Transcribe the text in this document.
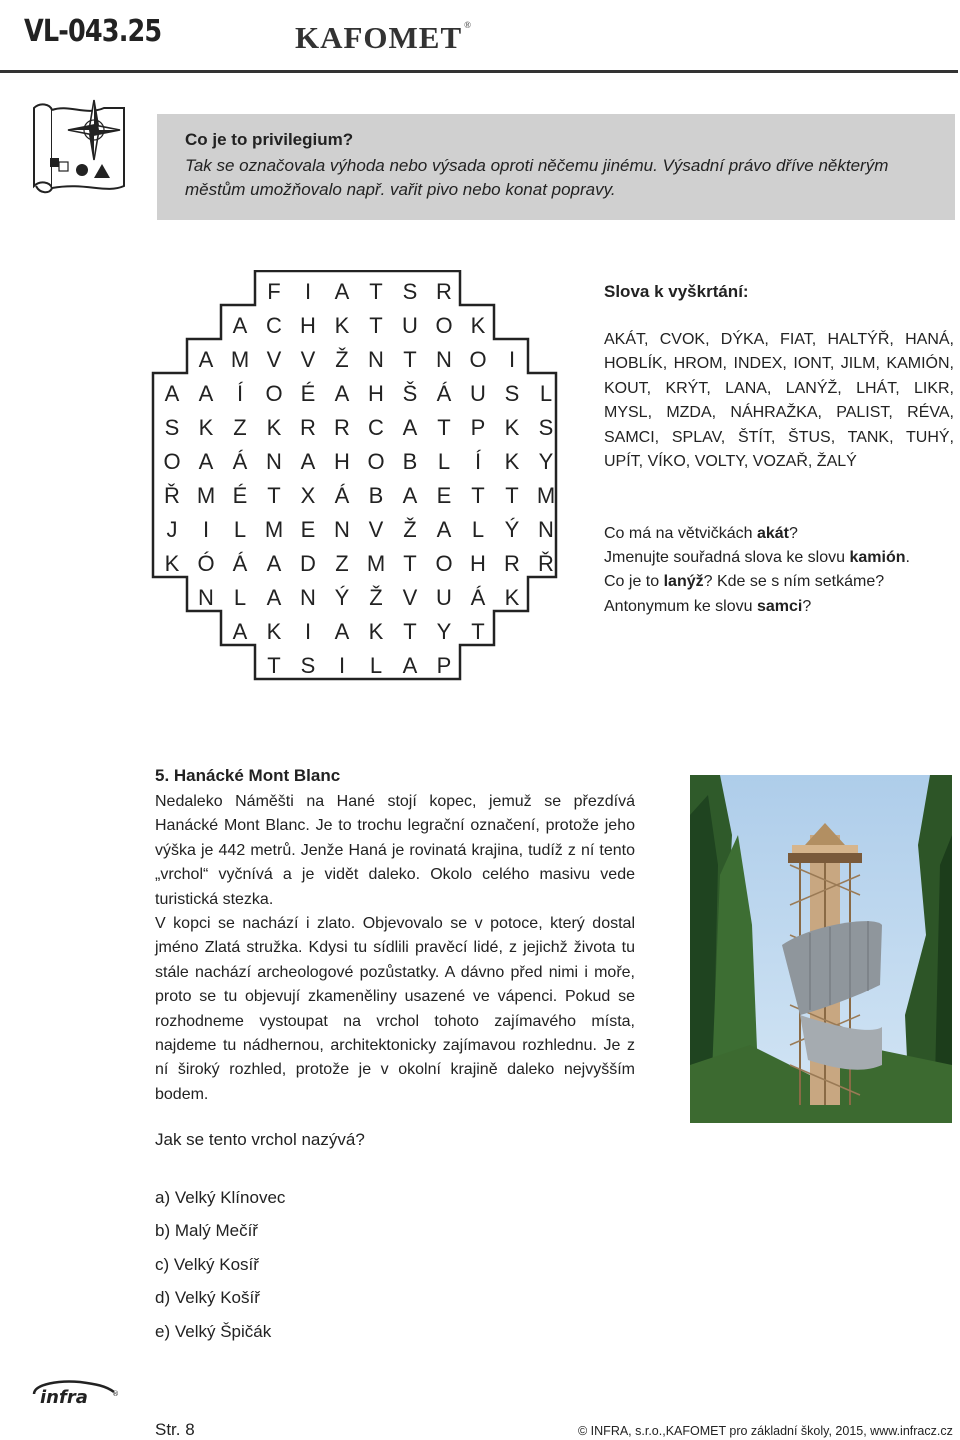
VL-043.25	KAFOMET ®
Co je to privilegium?
Tak se označovala výhoda nebo výsada oproti něčemu jinému. Výsadní právo dříve některým městům umožňovalo např. vařit pivo nebo konat popravy.
F I A T S R
A C H K T U O K
A M V V Ž N T N O I
A A Í O É A H Š Á U S L
S K Z K R R C A T P K S
O A Á N A H O B L Í K Y
Ř M É T X Á B A E T T M
J I L M E N V Ž A L Ý N
K Ó Á A D Z M T O H R Ř
N L A N Ý Ž V U Á K
A K I A K T Y T
T S I L A P
Slova k vyškrtání:
AKÁT, CVOK, DÝKA, FIAT, HALTÝŘ, HANÁ, HOBLÍK, HROM, INDEX, IONT, JILM, KAMIÓN, KOUT, KRÝT, LANA, LANÝŽ, LHÁT, LIKR, MYSL, MZDA, NÁHRAŽKA, PALIST, RÉVA, SAMCI, SPLAV, ŠTÍT, ŠTUS, TANK, TUHÝ, UPÍT, VÍKO, VOLTY, VOZAŘ, ŽALÝ
Co má na větvičkách akát?
Jmenujte souřadná slova ke slovu kamión.
Co je to lanýž? Kde se s ním setkáme?
Antonymum ke slovu samci?
5. Hanácké Mont Blanc

Nedaleko Náměšti na Hané stojí kopec, jemuž se přezdívá Hanácké Mont Blanc. Je to trochu legrační označení, protože jeho výška je 442 metrů. Jenže Haná je rovinatá krajina, tudíž z ní tento „vrchol“ vyčnívá a je vidět daleko. Okolo celého masivu vede turistická stezka.

V kopci se nachází i zlato. Objevovalo se v potoce, který dostal jméno Zlatá stružka. Kdysi tu sídlili pravěcí lidé, z jejichž života tu stále nachází archeologové pozůstatky. A dávno před nimi i moře, proto se tu objevují zkameněliny usazené ve vápenci. Pokud se rozhodneme vystoupat na vrchol tohoto zajímavého místa, najdeme tu nádhernou, architektonicky zajímavou rozhlednu. Je z ní široký rozhled, protože je v okolní krajině daleko nejvyšším bodem.

Jak se tento vrchol nazývá?
a) Velký Klínovec
b) Malý Mečíř
c) Velký Kosíř
d) Velký Košíř
e) Velký Špičák
infra	®
Str. 8	© INFRA, s.r.o.,KAFOMET pro základní školy, 2015, www.infracz.cz
